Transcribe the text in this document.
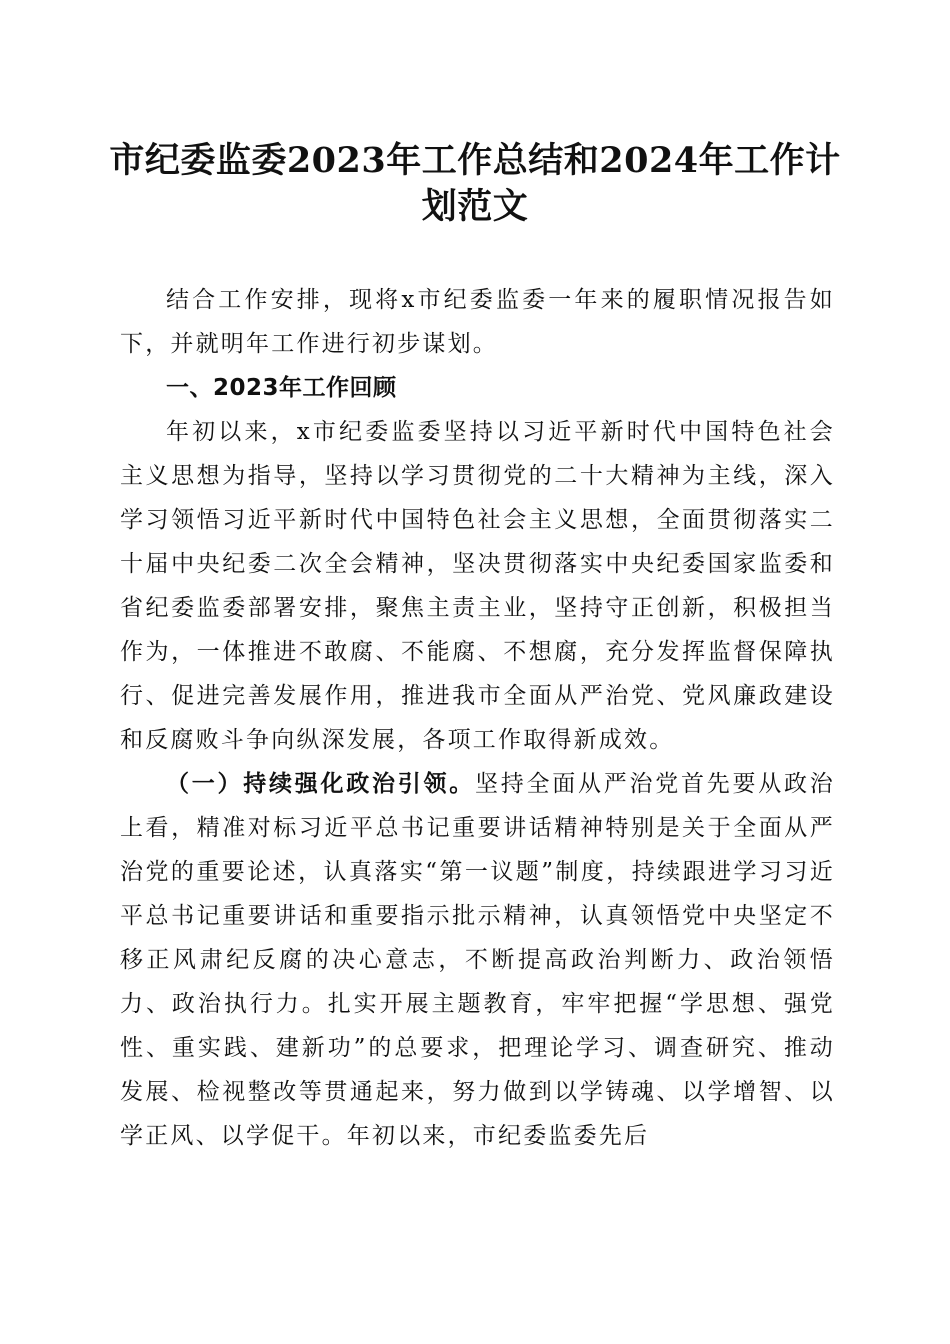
市纪委监委2023年工作总结和2024年工作计
划范文

结合工作安排，现将x市纪委监委一年来的履职情况报告如下，并就明年工作进行初步谋划。

一、2023年工作回顾

年初以来，x市纪委监委坚持以习近平新时代中国特色社会主义思想为指导，坚持以学习贯彻党的二十大精神为主线，深入学习领悟习近平新时代中国特色社会主义思想，全面贯彻落实二十届中央纪委二次全会精神，坚决贯彻落实中央纪委国家监委和省纪委监委部署安排，聚焦主责主业，坚持守正创新，积极担当作为，一体推进不敢腐、不能腐、不想腐，充分发挥监督保障执行、促进完善发展作用，推进我市全面从严治党、党风廉政建设和反腐败斗争向纵深发展，各项工作取得新成效。

（一）持续强化政治引领。坚持全面从严治党首先要从政治上看，精准对标习近平总书记重要讲话精神特别是关于全面从严治党的重要论述，认真落实“第一议题”制度，持续跟进学习习近平总书记重要讲话和重要指示批示精神，认真领悟党中央坚定不移正风肃纪反腐的决心意志，不断提高政治判断力、政治领悟力、政治执行力。扎实开展主题教育，牢牢把握“学思想、强党性、重实践、建新功”的总要求，把理论学习、调查研究、推动发展、检视整改等贯通起来，努力做到以学铸魂、以学增智、以学正风、以学促干。年初以来，市纪委监委先后
